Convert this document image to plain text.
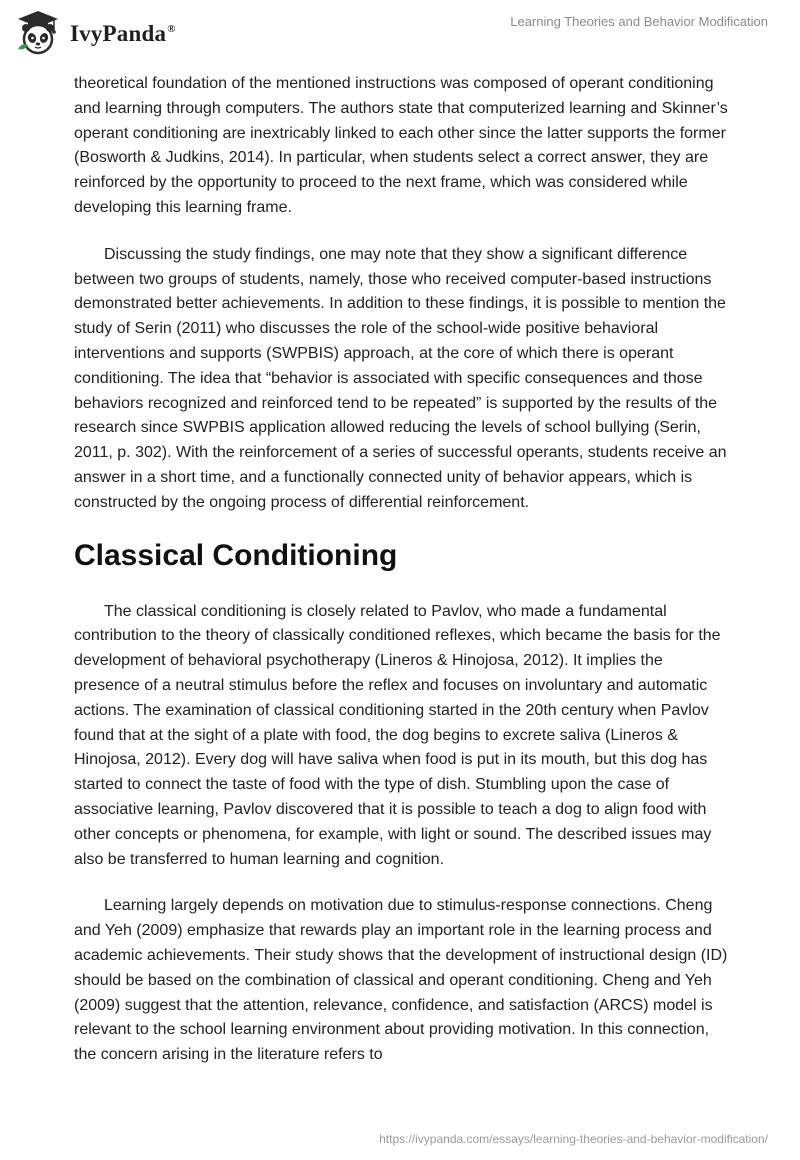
IvyPanda®
Learning Theories and Behavior Modification

theoretical foundation of the mentioned instructions was composed of operant conditioning and learning through computers. The authors state that computerized learning and Skinner’s operant conditioning are inextricably linked to each other since the latter supports the former (Bosworth & Judkins, 2014). In particular, when students select a correct answer, they are reinforced by the opportunity to proceed to the next frame, which was considered while developing this learning frame.

Discussing the study findings, one may note that they show a significant difference between two groups of students, namely, those who received computer-based instructions demonstrated better achievements. In addition to these findings, it is possible to mention the study of Serin (2011) who discusses the role of the school-wide positive behavioral interventions and supports (SWPBIS) approach, at the core of which there is operant conditioning. The idea that “behavior is associated with specific consequences and those behaviors recognized and reinforced tend to be repeated” is supported by the results of the research since SWPBIS application allowed reducing the levels of school bullying (Serin, 2011, p. 302). With the reinforcement of a series of successful operants, students receive an answer in a short time, and a functionally connected unity of behavior appears, which is constructed by the ongoing process of differential reinforcement.

Classical Conditioning

The classical conditioning is closely related to Pavlov, who made a fundamental contribution to the theory of classically conditioned reflexes, which became the basis for the development of behavioral psychotherapy (Lineros & Hinojosa, 2012). It implies the presence of a neutral stimulus before the reflex and focuses on involuntary and automatic actions. The examination of classical conditioning started in the 20th century when Pavlov found that at the sight of a plate with food, the dog begins to excrete saliva (Lineros & Hinojosa, 2012). Every dog will have saliva when food is put in its mouth, but this dog has started to connect the taste of food with the type of dish. Stumbling upon the case of associative learning, Pavlov discovered that it is possible to teach a dog to align food with other concepts or phenomena, for example, with light or sound. The described issues may also be transferred to human learning and cognition.

Learning largely depends on motivation due to stimulus-response connections. Cheng and Yeh (2009) emphasize that rewards play an important role in the learning process and academic achievements. Their study shows that the development of instructional design (ID) should be based on the combination of classical and operant conditioning. Cheng and Yeh (2009) suggest that the attention, relevance, confidence, and satisfaction (ARCS) model is relevant to the school learning environment about providing motivation. In this connection, the concern arising in the literature refers to

https://ivypanda.com/essays/learning-theories-and-behavior-modification/
